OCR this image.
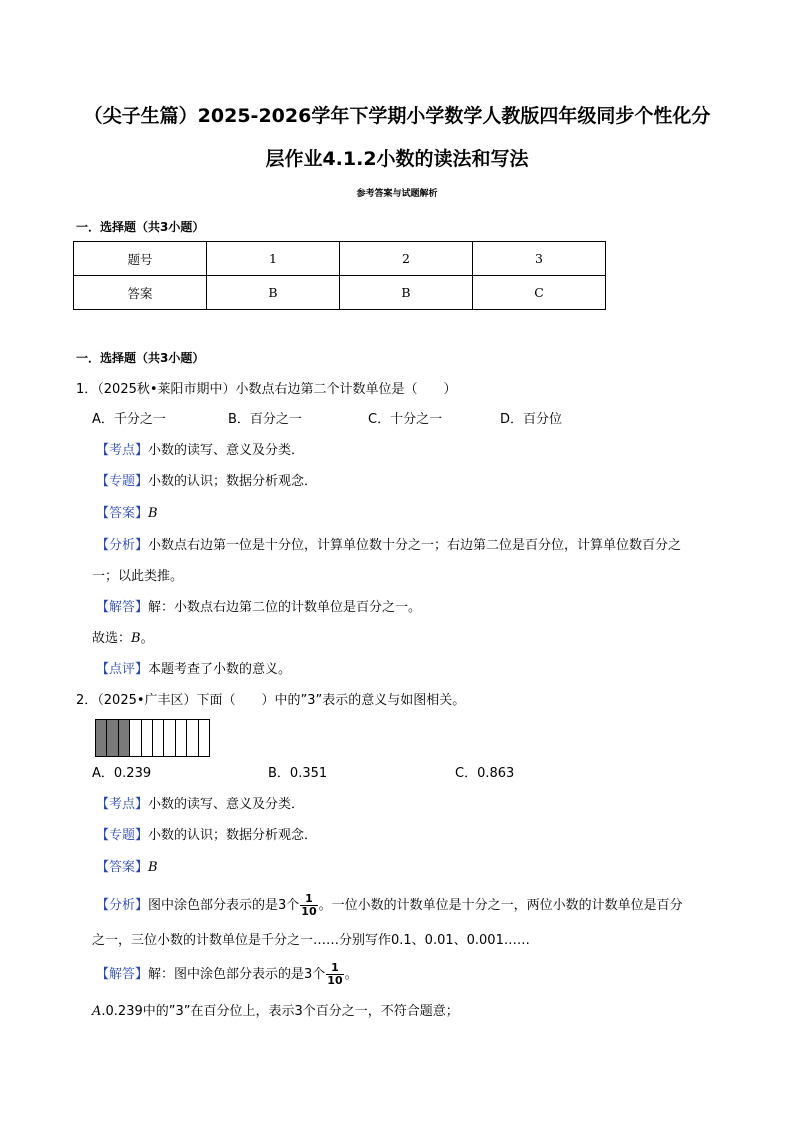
（尖子生篇）2025-2026学年下学期小学数学人教版四年级同步个性化分
层作业4.1.2小数的读法和写法
参考答案与试题解析
一．选择题（共3小题）
题号	1	2	3
答案	B	B	C
一．选择题（共3小题）
1．（2025秋•莱阳市期中）小数点右边第二个计数单位是（　　）
A．千分之一	B．百分之一	C．十分之一	D．百分位
【考点】小数的读写、意义及分类．
【专题】小数的认识；数据分析观念．
【答案】B
【分析】小数点右边第一位是十分位，计算单位数十分之一；右边第二位是百分位，计算单位数百分之
一；以此类推。
【解答】解：小数点右边第二位的计数单位是百分之一。
故选：B。
【点评】本题考查了小数的意义。
2．（2025•广丰区）下面（　　）中的”3”表示的意义与如图相关。
A．0.239	B．0.351	C．0.863
【考点】小数的读写、意义及分类．
【专题】小数的认识；数据分析观念．
【答案】B
【分析】图中涂色部分表示的是3个 $\frac{1}{10}$ 。一位小数的计数单位是十分之一，两位小数的计数单位是百分
之一，三位小数的计数单位是千分之一……分别写作0.1、0.01、0.001……
【解答】解：图中涂色部分表示的是3个 $\frac{1}{10}$ 。
A.0.239中的”3”在百分位上，表示3个百分之一，不符合题意；
